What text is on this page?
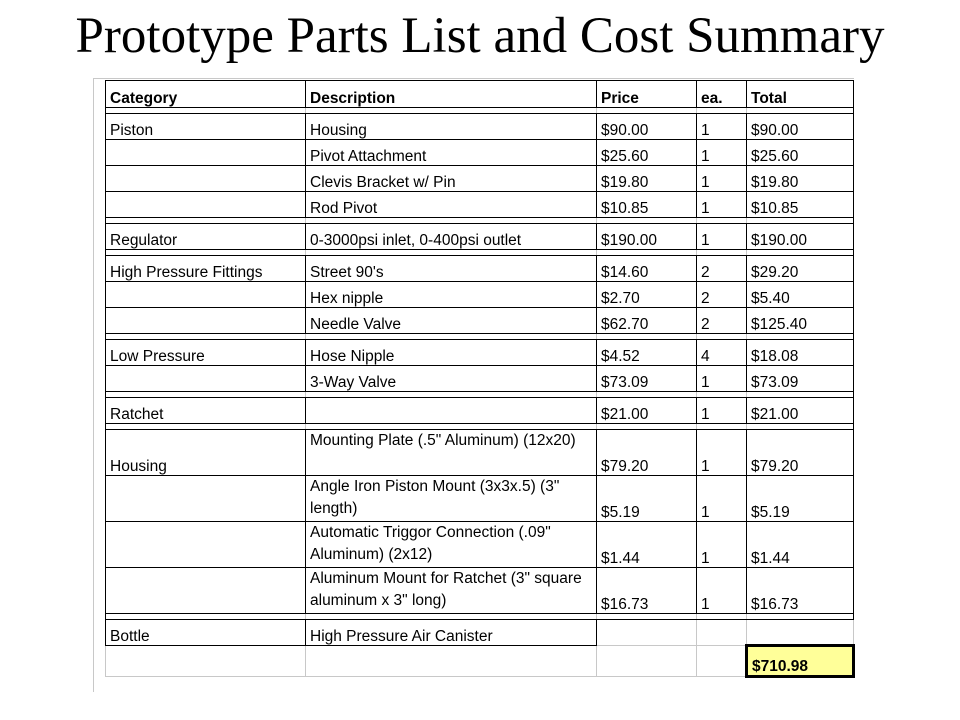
Prototype Parts List and Cost Summary
Category	Description	Price	ea.	Total

Piston	Housing	$90.00	1	$90.00
	Pivot Attachment	$25.60	1	$25.60
	Clevis Bracket w/ Pin	$19.80	1	$19.80
	Rod Pivot	$10.85	1	$10.85

Regulator	0-3000psi inlet, 0-400psi outlet	$190.00	1	$190.00

High Pressure Fittings	Street 90's	$14.60	2	$29.20
	Hex nipple	$2.70	2	$5.40
	Needle Valve	$62.70	2	$125.40

Low Pressure	Hose Nipple	$4.52	4	$18.08
	3-Way Valve	$73.09	1	$73.09

Ratchet		$21.00	1	$21.00

Housing	Mounting Plate (.5" Aluminum) (12x20)	$79.20	1	$79.20
	Angle Iron Piston Mount (3x3x.5) (3" length)	$5.19	1	$5.19
	Automatic Triggor Connection (.09" Aluminum) (2x12)	$1.44	1	$1.44
	Aluminum Mount for Ratchet (3" square aluminum x 3" long)	$16.73	1	$16.73

Bottle	High Pressure Air Canister			
				$710.98
